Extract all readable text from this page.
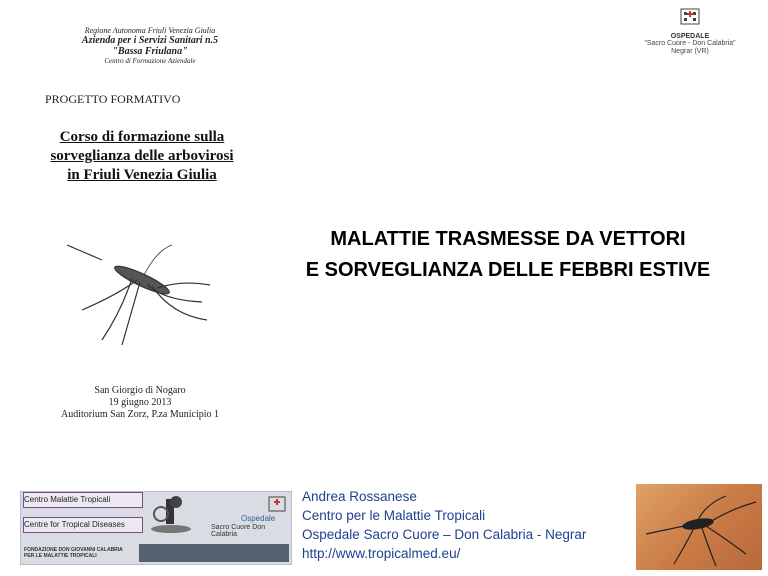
Regione Autonoma Friuli Venezia Giulia
Azienda per i Servizi Sanitari n.5
"Bassa Friulana"
Centro di Formazione Aziendale
PROGETTO FORMATIVO
Corso di formazione sulla
sorveglianza delle arbovirosi
in Friuli Venezia Giulia
San Giorgio di Nogaro
19 giugno 2013
Auditorium San Zorz, P.za Municipio 1
OSPEDALE
"Sacro Cuore - Don Calabria"
Negrar (VR)
MALATTIE TRASMESSE DA VETTORI
E SORVEGLIANZA DELLE FEBBRI ESTIVE
Centro Malattie Tropicali
Centre for Tropical Diseases
Ospedale
Sacro Cuore Don Calabria
FONDAZIONE DON GIOVANNI CALABRIA
PER LE MALATTIE TROPICALI
Andrea Rossanese
Centro per le Malattie Tropicali
Ospedale Sacro Cuore – Don Calabria - Negrar
http://www.tropicalmed.eu/
